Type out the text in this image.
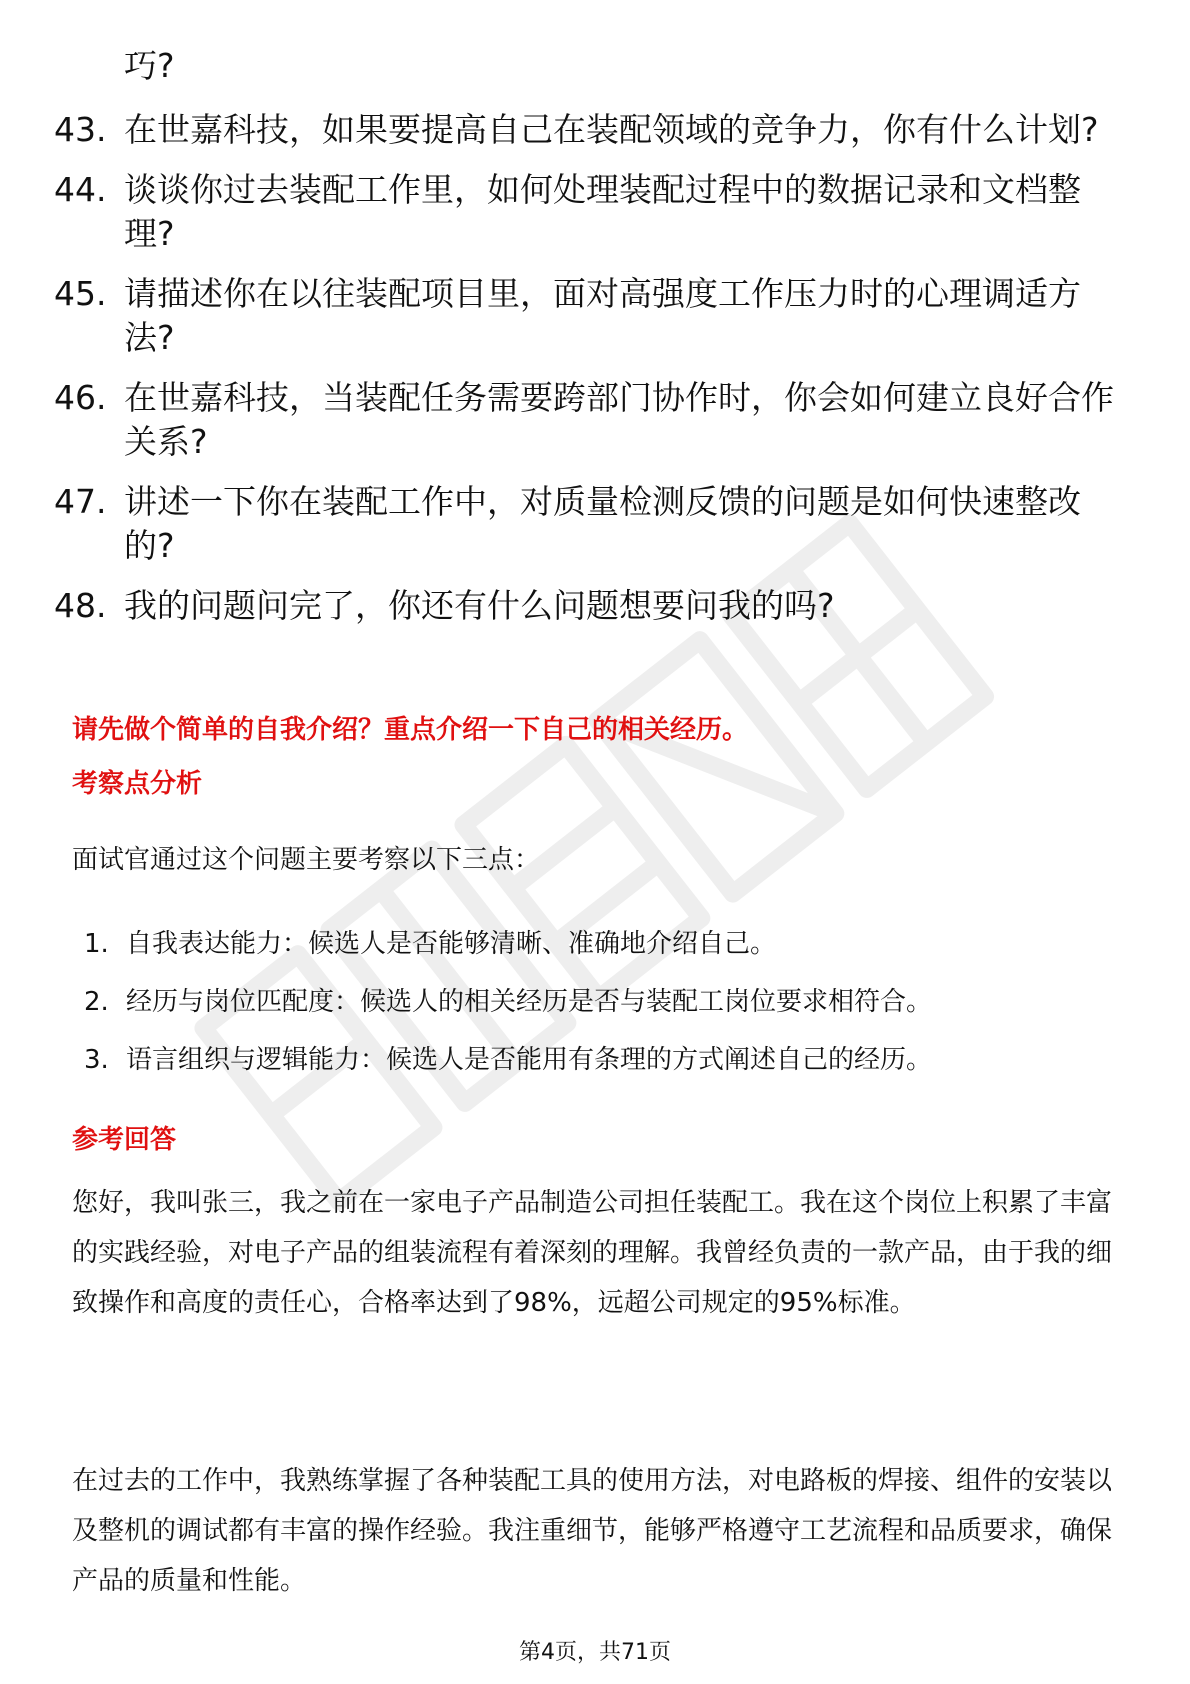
巧?
43. 在世嘉科技，如果要提高自己在装配领域的竞争力，你有什么计划?
44. 谈谈你过去装配工作里，如何处理装配过程中的数据记录和文档整理?
45. 请描述你在以往装配项目里，面对高强度工作压力时的心理调适方法?
46. 在世嘉科技，当装配任务需要跨部门协作时，你会如何建立良好合作关系?
47. 讲述一下你在装配工作中，对质量检测反馈的问题是如何快速整改的?
48. 我的问题问完了，你还有什么问题想要问我的吗?
请先做个简单的自我介绍？重点介绍一下自己的相关经历。
考察点分析
面试官通过这个问题主要考察以下三点：
1. 自我表达能力：候选人是否能够清晰、准确地介绍自己。
2. 经历与岗位匹配度：候选人的相关经历是否与装配工岗位要求相符合。
3. 语言组织与逻辑能力：候选人是否能用有条理的方式阐述自己的经历。
参考回答
您好，我叫张三，我之前在一家电子产品制造公司担任装配工。我在这个岗位上积累了丰富的实践经验，对电子产品的组装流程有着深刻的理解。我曾经负责的一款产品，由于我的细致操作和高度的责任心，合格率达到了98%，远超公司规定的95%标准。
在过去的工作中，我熟练掌握了各种装配工具的使用方法，对电路板的焊接、组件的安装以及整机的调试都有丰富的操作经验。我注重细节，能够严格遵守工艺流程和品质要求，确保产品的质量和性能。
第4页，共71页
